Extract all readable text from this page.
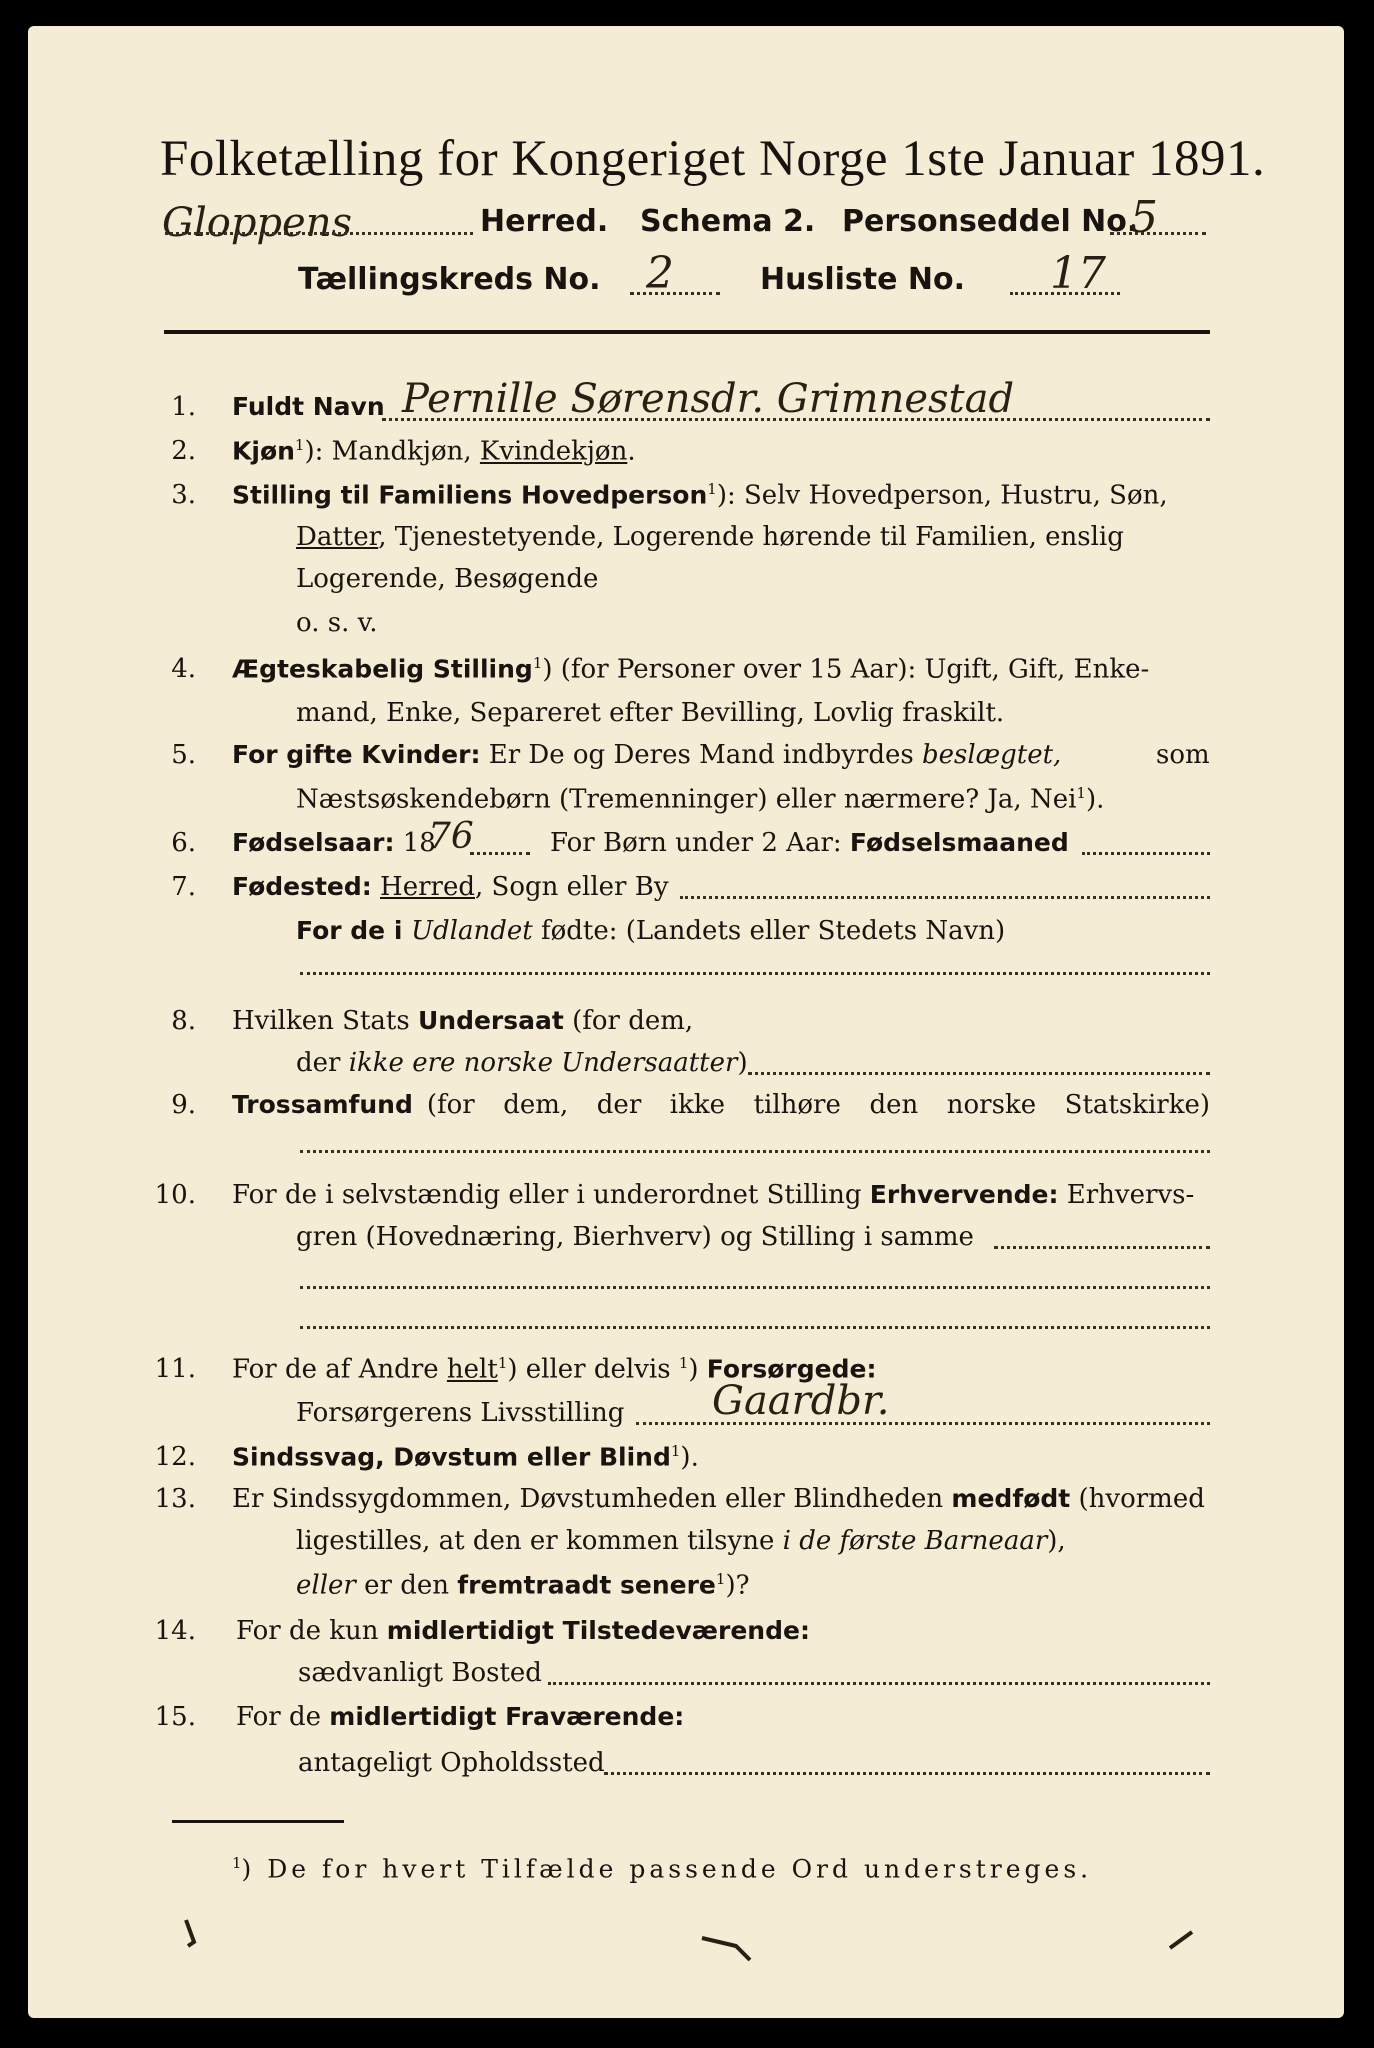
Folketælling for Kongeriget Norge 1ste Januar 1891.
Gloppens	Herred. Schema 2. Personseddel No.
5
Tællingskreds No. 2	Husliste No. 17
1. Fuldt Navn Pernille Sørensdr. Grimnestad
2. Kjøn$^1$): Mandkjøn, Kvindekjøn.
3. Stilling til Familiens Hovedperson$^1$): Selv Hovedperson, Hustru, Søn,
Datter, Tjenestetyende, Logerende hørende til Familien, enslig
Logerende, Besøgende
o. s. v.
4. Ægteskabelig Stilling$^1$) (for Personer over 15 Aar): Ugift, Gift, Enke-
mand, Enke, Separeret efter Bevilling, Lovlig fraskilt.
5. For gifte Kvinder: Er De og Deres Mand indbyrdes beslægtet,	som
Næstsøskendebørn (Tremenninger) eller nærmere? Ja, Nei$^1$).
6. Fødselsaar: 18
76	For Børn under 2 Aar: Fødselsmaaned
7. Fødested: Herred, Sogn eller By
For de i Udlandet fødte: (Landets eller Stedets Navn)
8. Hvilken Stats Undersaat (for dem,
der ikke ere norske Undersaatter)
9. Trossamfund (for dem, der ikke tilhøre den norske Statskirke)
10. For de i selvstændig eller i underordnet Stilling Erhvervende: Erhvervs-
gren (Hovednæring, Bierhverv) og Stilling i samme
11. For de af Andre helt$^1$) eller delvis $^1$) Forsørgede:
Forsørgerens Livsstilling Gaardbr.
12. Sindssvag, Døvstum eller Blind$^1$).
13. Er Sindssygdommen, Døvstumheden eller Blindheden medfødt (hvormed
ligestilles, at den er kommen tilsyne i de første Barneaar),
eller er den fremtraadt senere$^1$)?
14. For de kun midlertidigt Tilstedeværende:
sædvanligt Bosted
15. For de midlertidigt Fraværende:
antageligt Opholdssted
$^1$) De for hvert Tilfælde passende Ord understreges.
